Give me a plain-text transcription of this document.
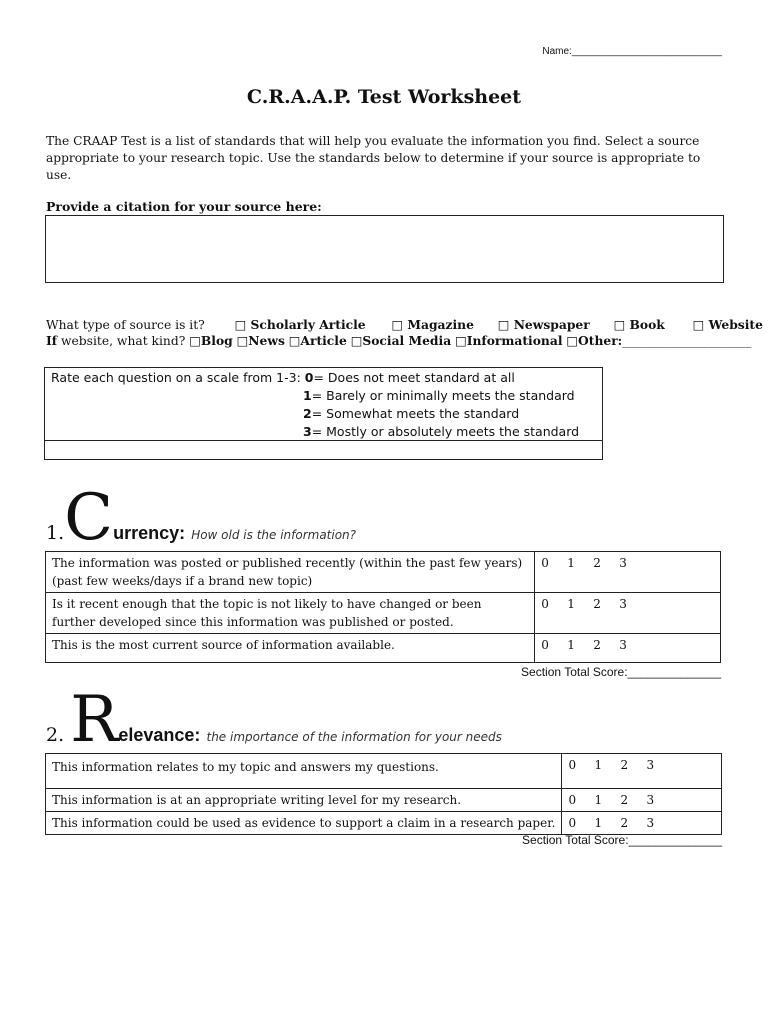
Name:___________________________
C.R.A.A.P. Test Worksheet
The CRAAP Test is a list of standards that will help you evaluate the information you find. Select a source appropriate to your research topic. Use the standards below to determine if your source is appropriate to use.
Provide a citation for your source here:
What type of source is it? □ Scholarly Article □ Magazine □ Newspaper □ Book □ Website
If website, what kind? □Blog □News □Article □Social Media □Informational □Other:_____________________
Rate each question on a scale from 1-3: 0= Does not meet standard at all
1= Barely or minimally meets the standard
2= Somewhat meets the standard
3= Mostly or absolutely meets the standard
1.Currency: How old is the information?
The information was posted or published recently (within the past few years)(past few weeks/days if a brand new topic)	0 1 2 3
Is it recent enough that the topic is not likely to have changed or been further developed since this information was published or posted.	0 1 2 3
This is the most current source of information available.	0 1 2 3
Section Total Score:______________
2. Relevance: the importance of the information for your needs
This information relates to my topic and answers my questions.	0 1 2 3
This information is at an appropriate writing level for my research.	0 1 2 3
This information could be used as evidence to support a claim in a research paper.	0 1 2 3
Section Total Score:______________
